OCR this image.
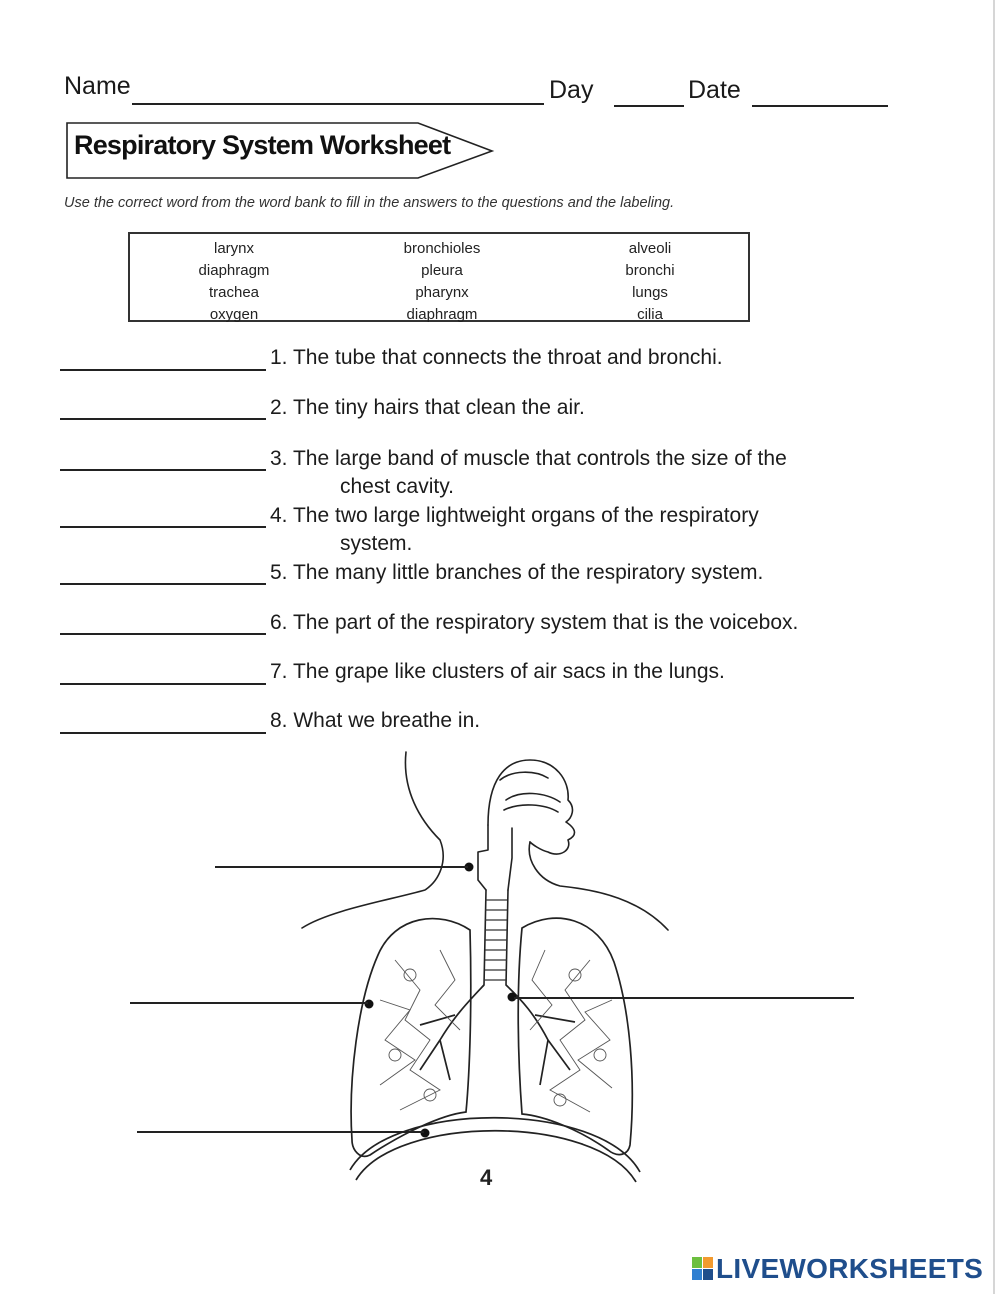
Name	Day	Date
Respiratory System Worksheet
Use the correct word from the word bank to fill in the answers to the questions and the labeling.
larynx
diaphragm
trachea
oxygen
bronchioles
pleura
pharynx
diaphragm
alveoli
bronchi
lungs
cilia
1. The tube that connects the throat and bronchi.
2. The tiny hairs that clean the air.
3. The large band of muscle that controls the size of the
chest cavity.
4. The two large lightweight organs of the respiratory
system.
5. The many little branches of the respiratory system.
6. The part of the respiratory system that is the voicebox.
7. The grape like clusters of air sacs in the lungs.
8. What we breathe in.
4
LIVEWORKSHEETS
